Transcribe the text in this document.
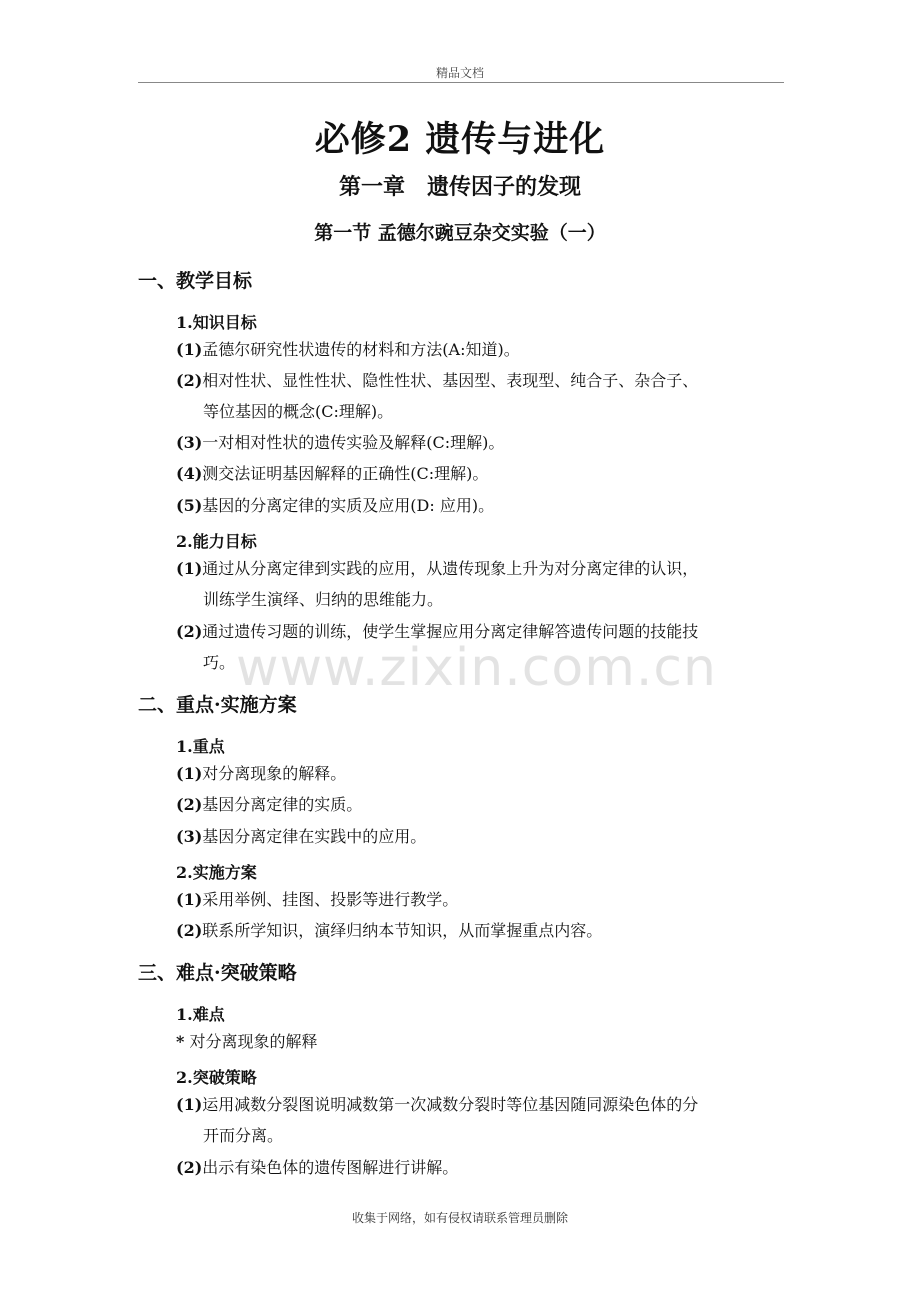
精品文档
www.zixin.com.cn
必修2 遗传与进化
第一章　遗传因子的发现
第一节 孟德尔豌豆杂交实验（一）
一、教学目标
1.知识目标
(1)孟德尔研究性状遗传的材料和方法(A:知道)。
(2)相对性状、显性性状、隐性性状、基因型、表现型、纯合子、杂合子、
等位基因的概念(C:理解)。
(3)一对相对性状的遗传实验及解释(C:理解)。
(4)测交法证明基因解释的正确性(C:理解)。
(5)基因的分离定律的实质及应用(D: 应用)。
2.能力目标
(1)通过从分离定律到实践的应用，从遗传现象上升为对分离定律的认识，
训练学生演绎、归纳的思维能力。
(2)通过遗传习题的训练，使学生掌握应用分离定律解答遗传问题的技能技
巧。
二、重点·实施方案
1.重点
(1)对分离现象的解释。
(2)基因分离定律的实质。
(3)基因分离定律在实践中的应用。
2.实施方案
(1)采用举例、挂图、投影等进行教学。
(2)联系所学知识，演绎归纳本节知识，从而掌握重点内容。
三、难点·突破策略
1.难点
* 对分离现象的解释
2.突破策略
(1)运用减数分裂图说明减数第一次减数分裂时等位基因随同源染色体的分
开而分离。
(2)出示有染色体的遗传图解进行讲解。
收集于网络，如有侵权请联系管理员删除
